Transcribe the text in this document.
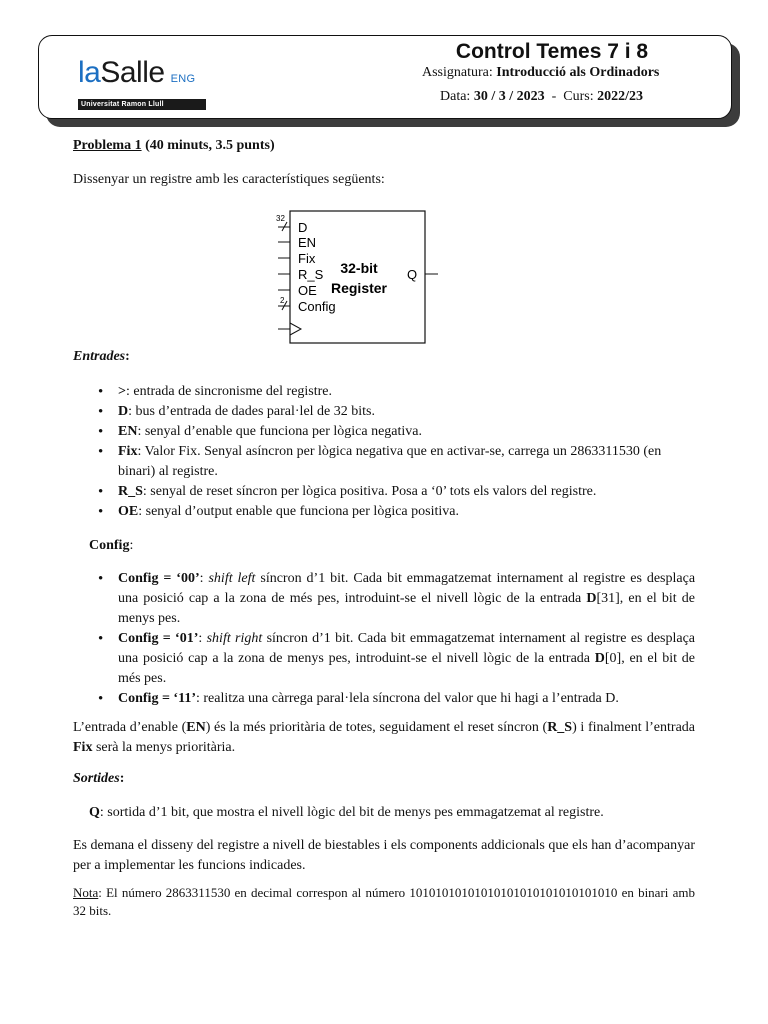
laSalle ENG
Universitat Ramon Llull
Control Temes 7 i 8
Assignatura: Introducció als Ordinadors
Data: 30 / 3 / 2023  -  Curs: 2022/23
Problema 1 (40 minuts, 3.5 punts)
Dissenyar un registre amb les característiques següents:
32
2
D
EN
Fix
R_S
OE
Config
32-bit
Register
Q
Entrades:
• >: entrada de sincronisme del registre.
• D: bus d’entrada de dades paral·lel de 32 bits.
• EN: senyal d’enable que funciona per lògica negativa.
• Fix: Valor Fix. Senyal asíncron per lògica negativa que en activar-se, carrega un 2863311530 (en binari) al registre.
• R_S: senyal de reset síncron per lògica positiva. Posa a ‘0’ tots els valors del registre.
• OE: senyal d’output enable que funciona per lògica positiva.
Config:
• Config = ‘00’: shift left síncron d’1 bit. Cada bit emmagatzemat internament al registre es desplaça una posició cap a la zona de més pes, introduint-se el nivell lògic de la entrada D[31], en el bit de menys pes.
• Config = ‘01’: shift right síncron d’1 bit. Cada bit emmagatzemat internament al registre es desplaça una posició cap a la zona de menys pes, introduint-se el nivell lògic de la entrada D[0], en el bit de més pes.
• Config = ‘11’: realitza una càrrega paral·lela síncrona del valor que hi hagi a l’entrada D.
L’entrada d’enable (EN) és la més prioritària de totes, seguidament el reset síncron (R_S) i finalment l’entrada Fix serà la menys prioritària.
Sortides:
Q: sortida d’1 bit, que mostra el nivell lògic del bit de menys pes emmagatzemat al registre.
Es demana el disseny del registre a nivell de biestables i els components addicionals que els han d’acompanyar per a implementar les funcions indicades.
Nota: El número 2863311530 en decimal correspon al número 10101010101010101010101010101010 en binari amb 32 bits.
